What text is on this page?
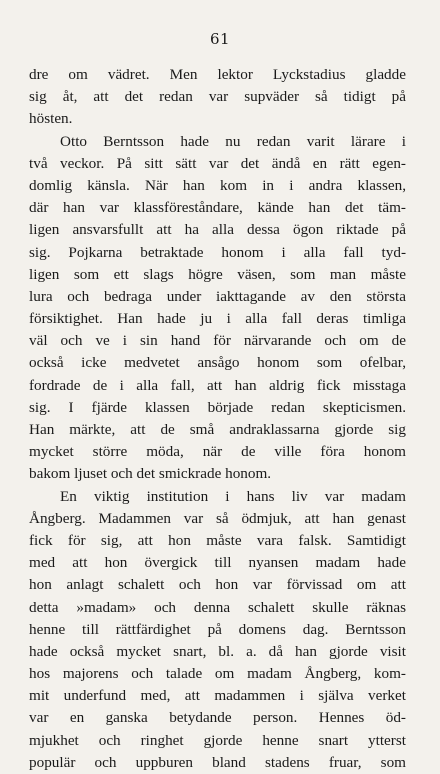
61
dre om vädret. Men lektor Lyckstadius gladde
sig åt, att det redan var supväder så tidigt på
hösten.
Otto Berntsson hade nu redan varit lärare i
två veckor. På sitt sätt var det ändå en rätt egen-
domlig känsla. När han kom in i andra klassen,
där han var klassföreståndare, kände han det täm-
ligen ansvarsfullt att ha alla dessa ögon riktade på
sig. Pojkarna betraktade honom i alla fall tyd-
ligen som ett slags högre väsen, som man måste
lura och bedraga under iakttagande av den största
försiktighet. Han hade ju i alla fall deras timliga
väl och ve i sin hand för närvarande och om de
också icke medvetet ansågo honom som ofelbar,
fordrade de i alla fall, att han aldrig fick misstaga
sig. I fjärde klassen började redan skepticismen.
Han märkte, att de små andraklassarna gjorde sig
mycket större möda, när de ville föra honom
bakom ljuset och det smickrade honom.
En viktig institution i hans liv var madam
Ångberg. Madammen var så ödmjuk, att han genast
fick för sig, att hon måste vara falsk. Samtidigt
med att hon övergick till nyansen madam hade
hon anlagt schalett och hon var förvissad om att
detta »madam» och denna schalett skulle räknas
henne till rättfärdighet på domens dag. Berntsson
hade också mycket snart, bl. a. då han gjorde visit
hos majorens och talade om madam Ångberg, kom-
mit underfund med, att madammen i själva verket
var en ganska betydande person. Hennes öd-
mjukhet och ringhet gjorde henne snart ytterst
populär och uppburen bland stadens fruar, som
